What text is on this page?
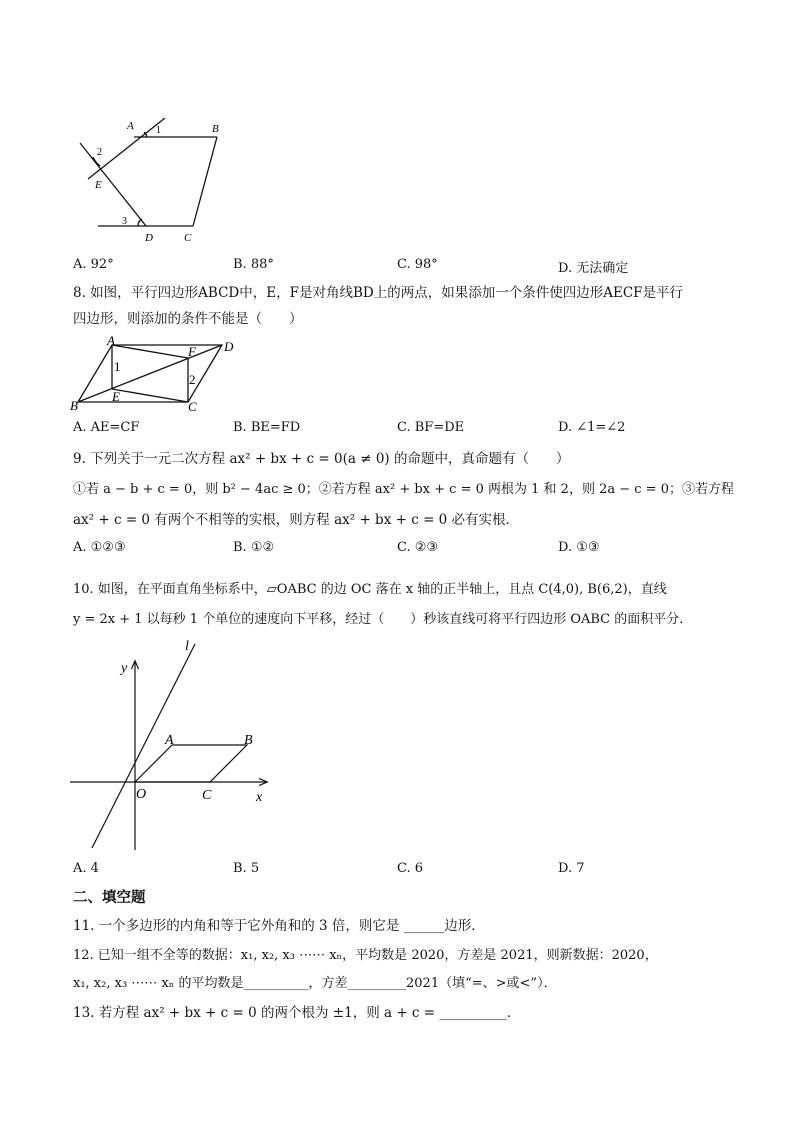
A	B
C
D
E
1
2
3
A. 92°	B. 88°	C. 98°	D. 无法确定
8. 如图，平行四边形ABCD中，E，F是对角线BD上的两点，如果添加一个条件使四边形AECF是平行
四边形，则添加的条件不能是（　　）
A	D
B	C
E
F
1
2
A. AE=CF	B. BE=FD	C. BF=DE	D. ∠1=∠2
9. 下列关于一元二次方程 ax² + bx + c = 0(a ≠ 0) 的命题中，真命题有（　　）
①若 a − b + c = 0，则 b² − 4ac ≥ 0；②若方程 ax² + bx + c = 0 两根为 1 和 2，则 2a − c = 0；③若方程
ax² + c = 0 有两个不相等的实根，则方程 ax² + bx + c = 0 必有实根．
A. ①②③	B. ①②	C. ②③	D. ①③
10. 如图，在平面直角坐标系中，▱OABC 的边 OC 落在 x 轴的正半轴上，且点 C(4,0), B(6,2)，直线
y = 2x + 1 以每秒 1 个单位的速度向下平移，经过（　　）秒该直线可将平行四边形 OABC 的面积平分．
y
x
l
A	B
O	C
A. 4	B. 5	C. 6	D. 7
二、填空题
11. 一个多边形的内角和等于它外角和的 3 倍，则它是 ______边形．
12. 已知一组不全等的数据：x₁, x₂, x₃ ⋯⋯ xₙ，平均数是 2020，方差是 2021，则新数据：2020，
x₁, x₂, x₃ ⋯⋯ xₙ 的平均数是__________，方差_________2021（填“=、>或<”）．
13. 若方程 ax² + bx + c = 0 的两个根为 ±1，则 a + c = __________．
